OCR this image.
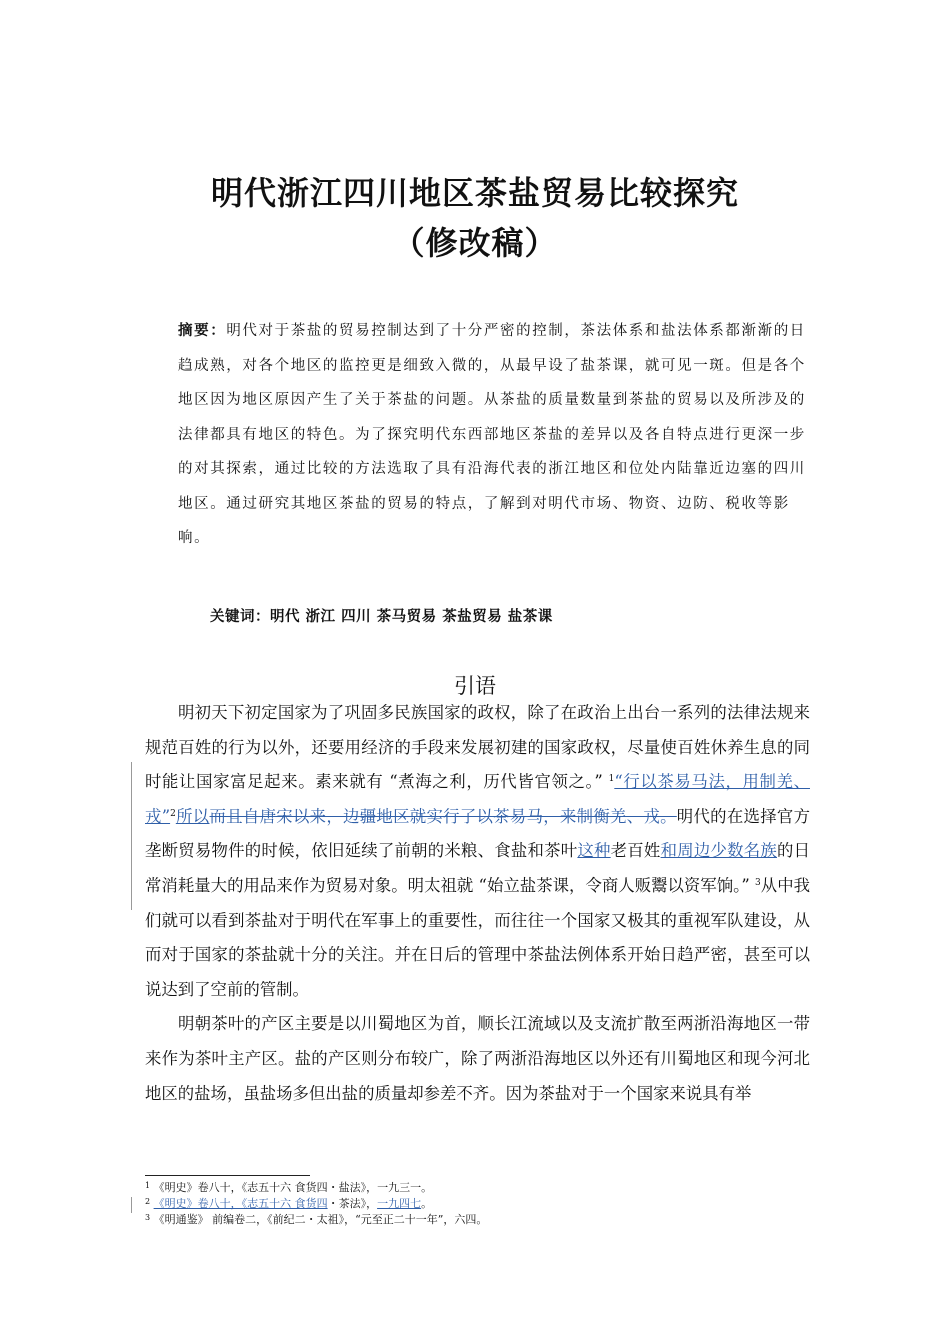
明代浙江四川地区茶盐贸易比较探究
（修改稿）
摘要：明代对于茶盐的贸易控制达到了十分严密的控制，茶法体系和盐法体系都渐渐的日趋成熟，对各个地区的监控更是细致入微的，从最早设了盐茶课，就可见一斑。但是各个地区因为地区原因产生了关于茶盐的问题。从茶盐的质量数量到茶盐的贸易以及所涉及的法律都具有地区的特色。为了探究明代东西部地区茶盐的差异以及各自特点进行更深一步的对其探索，通过比较的方法选取了具有沿海代表的浙江地区和位处内陆靠近边塞的四川地区。通过研究其地区茶盐的贸易的特点，了解到对明代市场、物资、边防、税收等影响。
关键词：明代 浙江 四川 茶马贸易 茶盐贸易 盐茶课
引语

明初天下初定国家为了巩固多民族国家的政权，除了在政治上出台一系列的法律法规来规范百姓的行为以外，还要用经济的手段来发展初建的国家政权，尽量使百姓休养生息的同时能让国家富足起来。素来就有 “煮海之利，历代皆官领之。” $^1$“行以茶易马法，用制羌、戎”$^2$所以而且自唐宋以来，边疆地区就实行了以茶易马，来制衡羌、戎。明代的在选择官方垄断贸易物件的时候，依旧延续了前朝的米粮、食盐和茶叶这种老百姓和周边少数名族的日常消耗量大的用品来作为贸易对象。明太祖就 “始立盐茶课，令商人贩鬻以资军饷。” $^3$从中我们就可以看到茶盐对于明代在军事上的重要性，而往往一个国家又极其的重视军队建设，从而对于国家的茶盐就十分的关注。并在日后的管理中茶盐法例体系开始日趋严密，甚至可以说达到了空前的管制。

明朝茶叶的产区主要是以川蜀地区为首，顺长江流域以及支流扩散至两浙沿海地区一带来作为茶叶主产区。盐的产区则分布较广，除了两浙沿海地区以外还有川蜀地区和现今河北地区的盐场，虽盐场多但出盐的质量却参差不齐。因为茶盐对于一个国家来说具有举

$^1$ 《明史》卷八十，《志五十六 食货四・盐法》，一九三一。
$^2$ 《明史》卷八十，《志五十六 食货四・茶法》，一九四七。
$^3$ 《明通鉴》 前编卷二，《前纪二・太祖》，“元至正二十一年”，六四。
